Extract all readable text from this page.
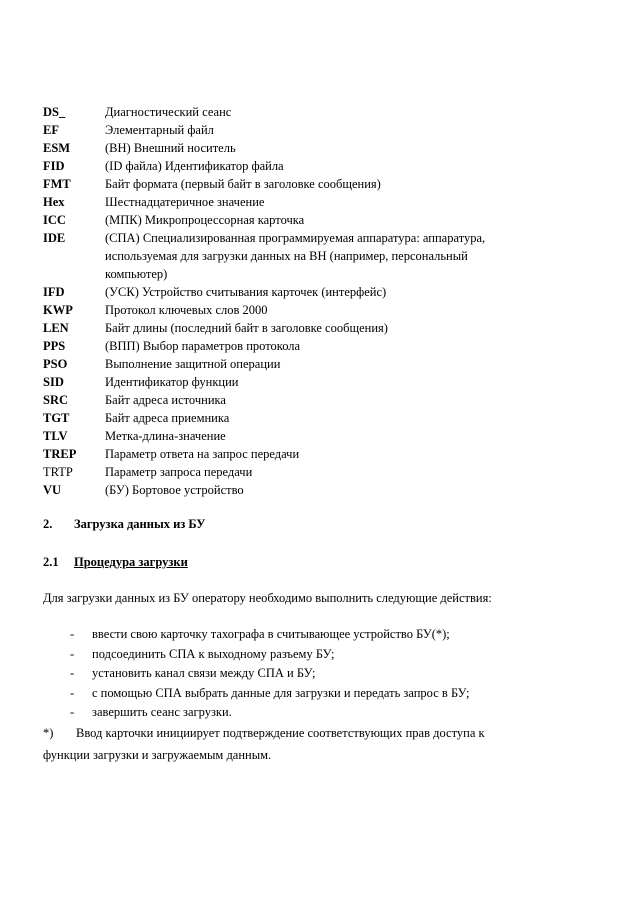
DS_	Диагностический сеанс
EF	Элементарный файл
ESM	(ВН) Внешний носитель
FID	(ID файла) Идентификатор файла
FMT	Байт формата (первый байт в заголовке сообщения)
Hex	Шестнадцатеричное значение
ICC	(МПК) Микропроцессорная карточка
IDE	(СПА) Специализированная программируемая аппаратура: аппаратура, используемая для загрузки данных на ВН (например, персональный компьютер)
IFD	(УСК) Устройство считывания карточек (интерфейс)
KWP	Протокол ключевых слов 2000
LEN	Байт длины (последний байт в заголовке сообщения)
PPS	(ВПП) Выбор параметров протокола
PSO	Выполнение защитной операции
SID	Идентификатор функции
SRC	Байт адреса источника
TGT	Байт адреса приемника
TLV	Метка-длина-значение
TREP	Параметр ответа на запрос передачи
TRTP	Параметр запроса передачи
VU	(БУ) Бортовое устройство
2. Загрузка данных из БУ
2.1 Процедура загрузки
Для загрузки данных из БУ оператору необходимо выполнить следующие действия:
-	ввести свою карточку тахографа в считывающее устройство БУ(*);
-	подсоединить СПА к выходному разъему БУ;
-	установить канал связи между СПА и БУ;
-	с помощью СПА выбрать данные для загрузки и передать запрос в БУ;
-	завершить сеанс загрузки.
*) Ввод карточки инициирует подтверждение соответствующих прав доступа к функции загрузки и загружаемым данным.
